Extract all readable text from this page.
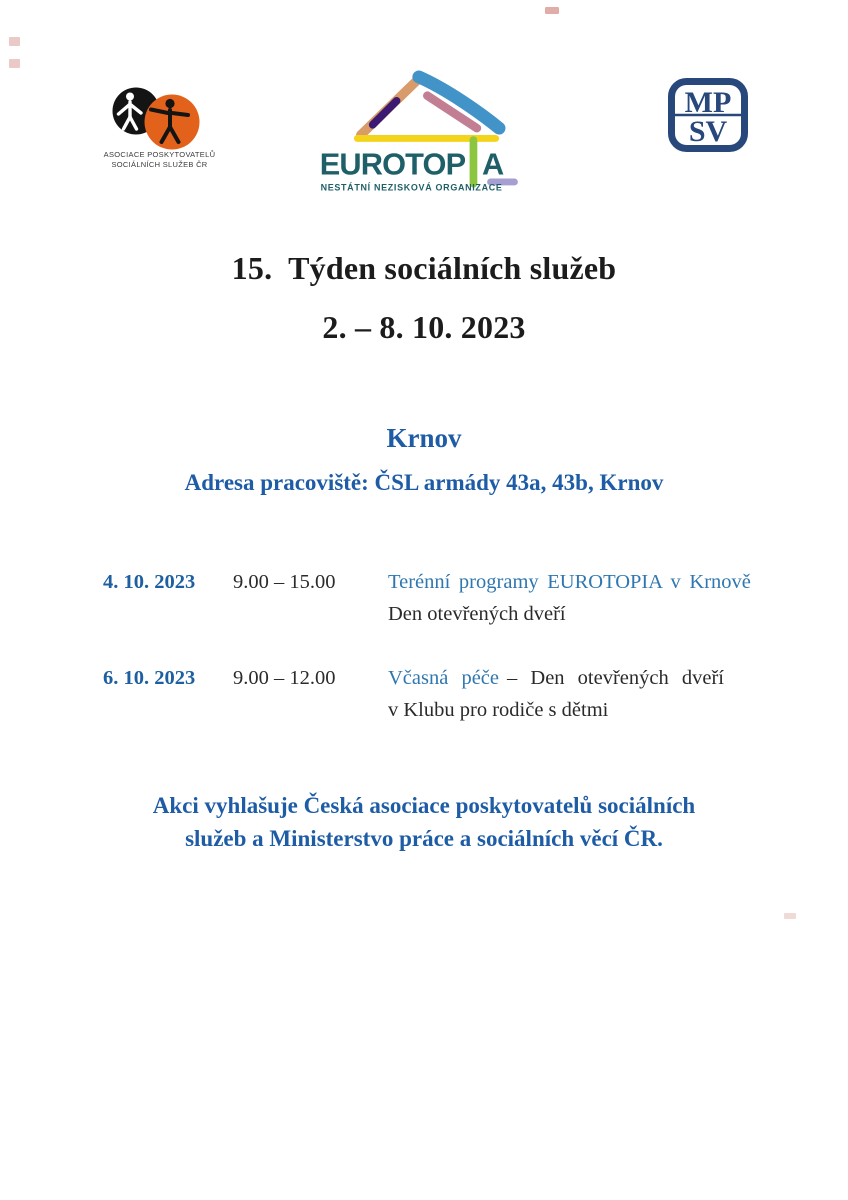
ASOCIACE POSKYTOVATELŮ
SOCIÁLNÍCH SLUŽEB ČR	EUROTOP A
NESTÁTNÍ NEZISKOVÁ ORGANIZACE
MP
SV
15.  Týden sociálních služeb
2. – 8. 10. 2023
Krnov
Adresa pracoviště: ČSL armády 43a, 43b, Krnov
4. 10. 2023	9.00 – 15.00	Terénní programy EUROTOPIA v Krnově
Den otevřených dveří
6. 10. 2023	9.00 – 12.00	Včasná péče – Den otevřených dveří
v Klubu pro rodiče s dětmi
Akci vyhlašuje Česká asociace poskytovatelů sociálních
služeb a Ministerstvo práce a sociálních věcí ČR.
